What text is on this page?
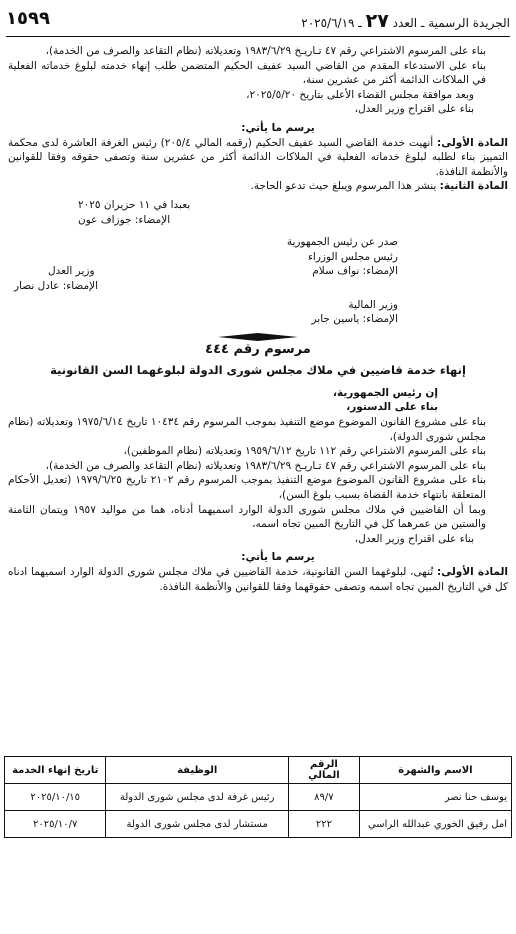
الجريدة الرسمية ـ العدد ٢٧ ـ ٢٠٢٥/٦/١٩
١٥٩٩

بناء على المرسوم الاشتراعي رقم ٤٧ تـاريـخ ١٩٨٣/٦/٢٩ وتعديلاته (نظام التقاعد والصرف من الخدمة)،

بناء على الاستدعاء المقدم من القاضي السيد عفيف الحكيم المتضمن طلب إنهاء خدمته لبلوغ خدماته الفعلية في الملاكات الدائمة أكثر من عشرين سنة،

وبعد موافقة مجلس القضاء الأعلى بتاريخ ٢٠٢٥/٥/٢٠،

بناء على اقتراح وزير العدل،

يرسم ما يأتي:

المادة الأولى: أنهيت خدمة القاضي السيد عفيف الحكيم (رقمه المالي ٢٠٥/٤) رئيس الغرفة العاشرة لدى محكمة التمييز بناء لطلبه لبلوغ خدماته الفعلية في الملاكات الدائمة أكثر من عشرين سنة وتصفى حقوقه وفقا للقوانين والأنظمة النافذة.

المادة الثانية: ينشر هذا المرسوم ويبلغ حيث تدعو الحاجة.

بعبدا في ١١ حزيران ٢٠٢٥

الإمضاء: جوزاف عون

صدر عن رئيس الجمهورية

رئيس مجلس الوزراء

الإمضاء: نواف سلام

وزير العدل

الإمضاء: عادل نصار

وزير المالية

الإمضاء: ياسين جابر

مرسوم رقم ٤٤٤
إنهاء خدمة قاضيين في ملاك مجلس شورى الدولة لبلوغهما السن القانونية

إن رئيس الجمهورية،

بناء على الدستور،

بناء على مشروع القانون الموضوع موضع التنفيذ بموجب المرسوم رقم ١٠٤٣٤ تاريخ ١٩٧٥/٦/١٤ وتعديلاته (نظام مجلس شورى الدولة)،

بناء على المرسوم الاشتراعي رقم ١١٢ تاريخ ١٩٥٩/٦/١٢ وتعديلاته (نظام الموظفين)،

بناء على المرسوم الاشتراعي رقم ٤٧ تـاريـخ ١٩٨٣/٦/٢٩ وتعديلاته (نظام التقاعد والصرف من الخدمة)،

بناء على مشروع القانون الموضوع موضع التنفيذ بموجب المرسوم رقم ٢١٠٢ تاريخ ١٩٧٩/٦/٢٥ (تعديل الأحكام المتعلقة بانتهاء خدمة القضاة بسبب بلوغ السن)،

وبما أن القاضيين في ملاك مجلس شورى الدولة الوارد اسميهما أدناه، هما من مواليد ١٩٥٧ ويتمان الثامنة والستين من عمرهما كل في التاريخ المبين تجاه اسمه،

بناء على اقتراح وزير العدل،

يرسم ما يأتي:

المادة الأولى: تُنهى، لبلوغهما السن القانونية، خدمة القاضيين في ملاك مجلس شورى الدولة الوارد اسميهما ادناه كل في التاريخ المبين تجاه اسمه وتصفى حقوقهما وفقا للقوانين والأنظمة النافذة.

الاسم والشهرة	الرقم المالي	الوظيفة	تاريخ إنهاء الخدمة
يوسف حنا نصر	٨٩/٧	رئيس غرفة لدى مجلس شورى الدولة	٢٠٢٥/١٠/١٥
امل رفيق الخوري عبدالله الراسي	٢٢٢	مستشار لدى مجلس شورى الدولة	٢٠٢٥/١٠/٧
